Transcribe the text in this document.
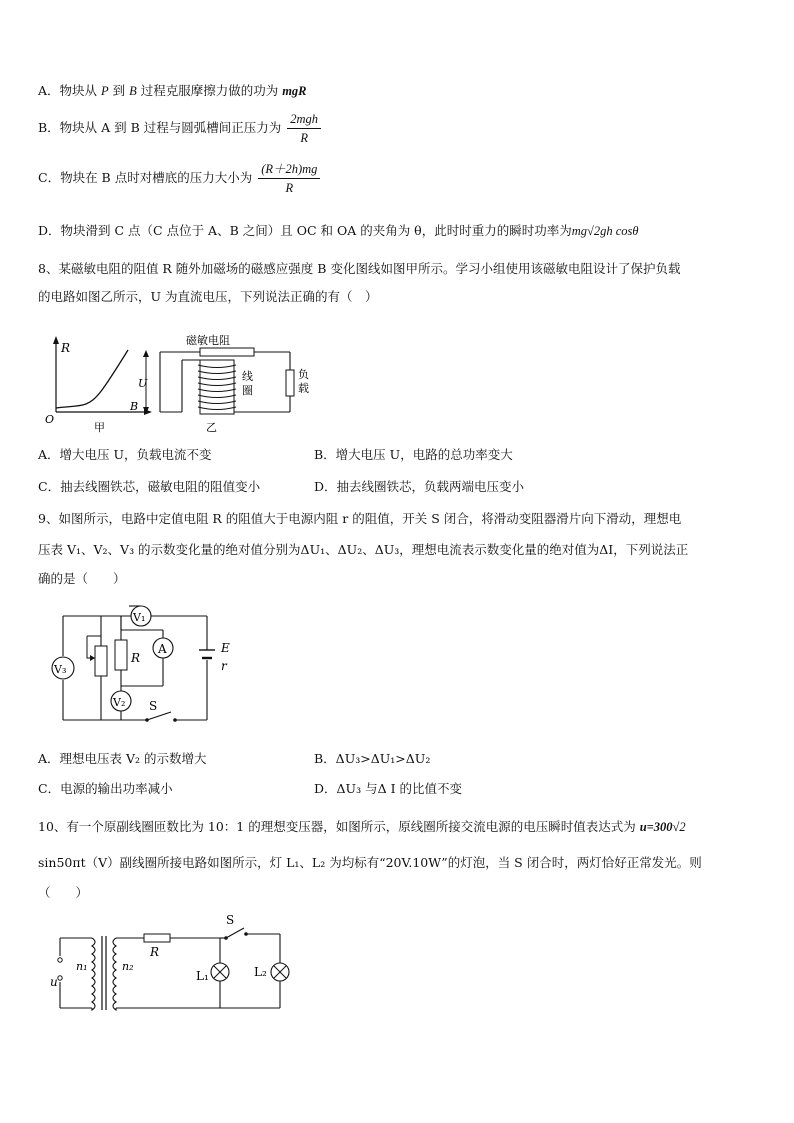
A．物块从 P 到 B 过程克服摩擦力做的功为 mgR
B．物块从 A 到 B 过程与圆弧槽间正压力为 $\frac{\text{2mgh}}{R}$
C．物块在 B 点时对槽底的压力大小为 $\frac{(R+2h)mg}{R}$
D．物块滑到 C 点（C 点位于 A、B 之间）且 OC 和 OA 的夹角为 θ，此时时重力的瞬时功率为mg√2gh cosθ
8、某磁敏电阻的阻值 R 随外加磁场的磁感应强度 B 变化图线如图甲所示。学习小组使用该磁敏电阻设计了保护负载
的电路如图乙所示，U 为直流电压，下列说法正确的有（　）
R
O
B
甲
磁敏电阻
U
线
圈
负
载
乙
A．增大电压 U，负载电流不变	B．增大电压 U，电路的总功率变大
C．抽去线圈铁芯，磁敏电阻的阻值变小	D．抽去线圈铁芯，负载两端电压变小
9、如图所示，电路中定值电阻 R 的阻值大于电源内阻 r 的阻值，开关 S 闭合，将滑动变阻器滑片向下滑动，理想电
压表 V₁、V₂、V₃ 的示数变化量的绝对值分别为ΔU₁、ΔU₂、ΔU₃，理想电流表示数变化量的绝对值为ΔI，下列说法正
确的是（　　）
R
A
V₁
V₃
V₂
E
r
S
A．理想电压表 V₂ 的示数增大	B．ΔU₃>ΔU₁>ΔU₂
C．电源的输出功率减小	D．ΔU₃ 与Δ I 的比值不变
10、有一个原副线圈匝数比为 10：1 的理想变压器，如图所示，原线圈所接交流电源的电压瞬时值表达式为 u=300√2
sin50πt（V）副线圈所接电路如图所示，灯 L₁、L₂ 为均标有“20V.10W”的灯泡，当 S 闭合时，两灯恰好正常发光。则
（　　）
u
n₁	n₂
R
S
L₁	L₂
